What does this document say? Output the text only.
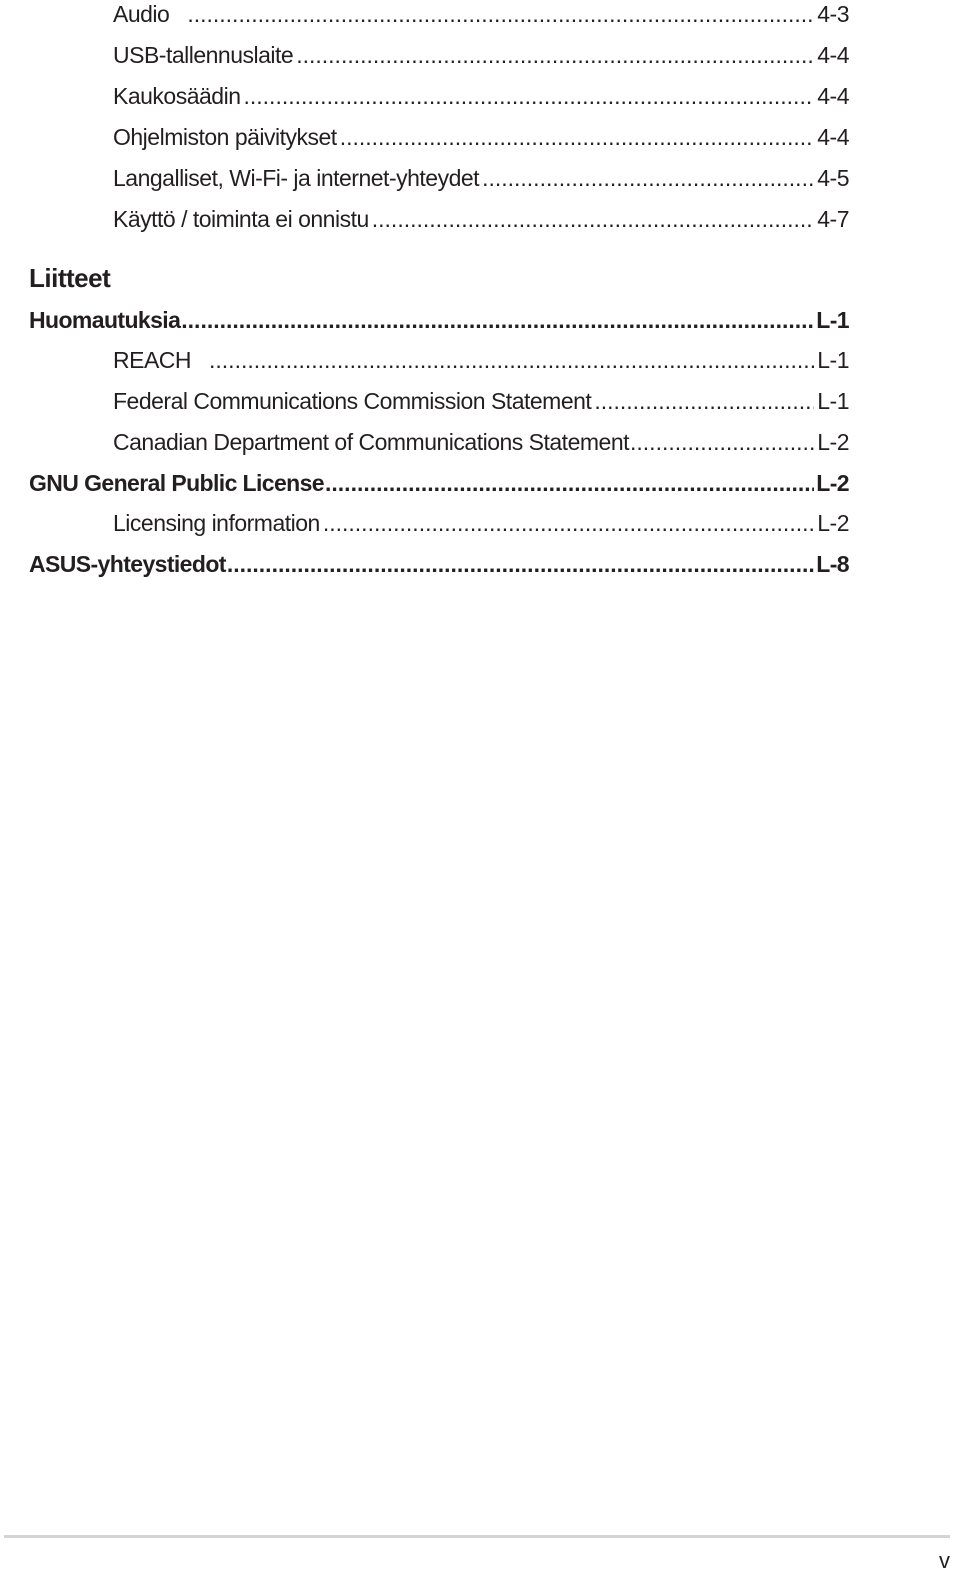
Audio .....	4-3
USB-tallennuslaite .....	4-4
Kaukosäädin .....	4-4
Ohjelmiston päivitykset .....	4-4
Langalliset, Wi-Fi- ja internet-yhteydet .....	4-5
Käyttö / toiminta ei onnistu .....	4-7
Liitteet
Huomautuksia .....	L-1
REACH .....	L-1
Federal Communications Commission Statement .....	L-1
Canadian Department of Communications Statement .....	L-2
GNU General Public License .....	L-2
Licensing information .....	L-2
ASUS-yhteystiedot .....	L-8
v
